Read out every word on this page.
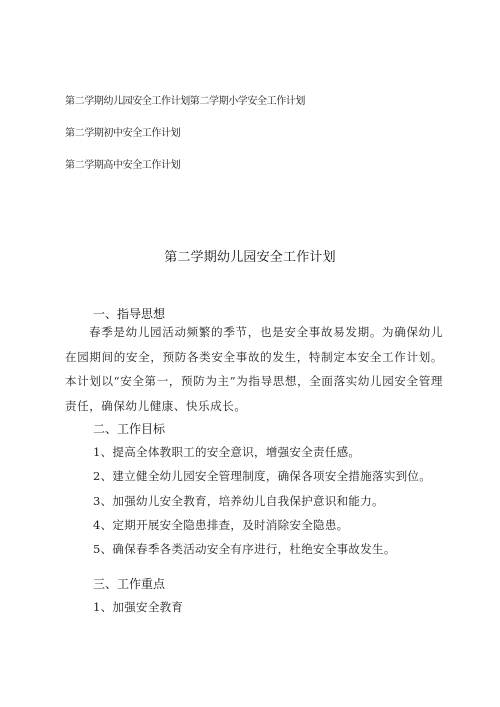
第二学期幼儿园安全工作计划第二学期小学安全工作计划
第二学期初中安全工作计划
第二学期高中安全工作计划
第二学期幼儿园安全工作计划
一、指导思想
春季是幼儿园活动频繁的季节，也是安全事故易发期。为确保幼儿在园期间的安全，预防各类安全事故的发生，特制定本安全工作计划。本计划以“安全第一，预防为主”为指导思想，全面落实幼儿园安全管理责任，确保幼儿健康、快乐成长。
二、工作目标
1、提高全体教职工的安全意识，增强安全责任感。
2、建立健全幼儿园安全管理制度，确保各项安全措施落实到位。
3、加强幼儿安全教育，培养幼儿自我保护意识和能力。
4、定期开展安全隐患排查，及时消除安全隐患。
5、确保春季各类活动安全有序进行，杜绝安全事故发生。
三、工作重点
1、加强安全教育
